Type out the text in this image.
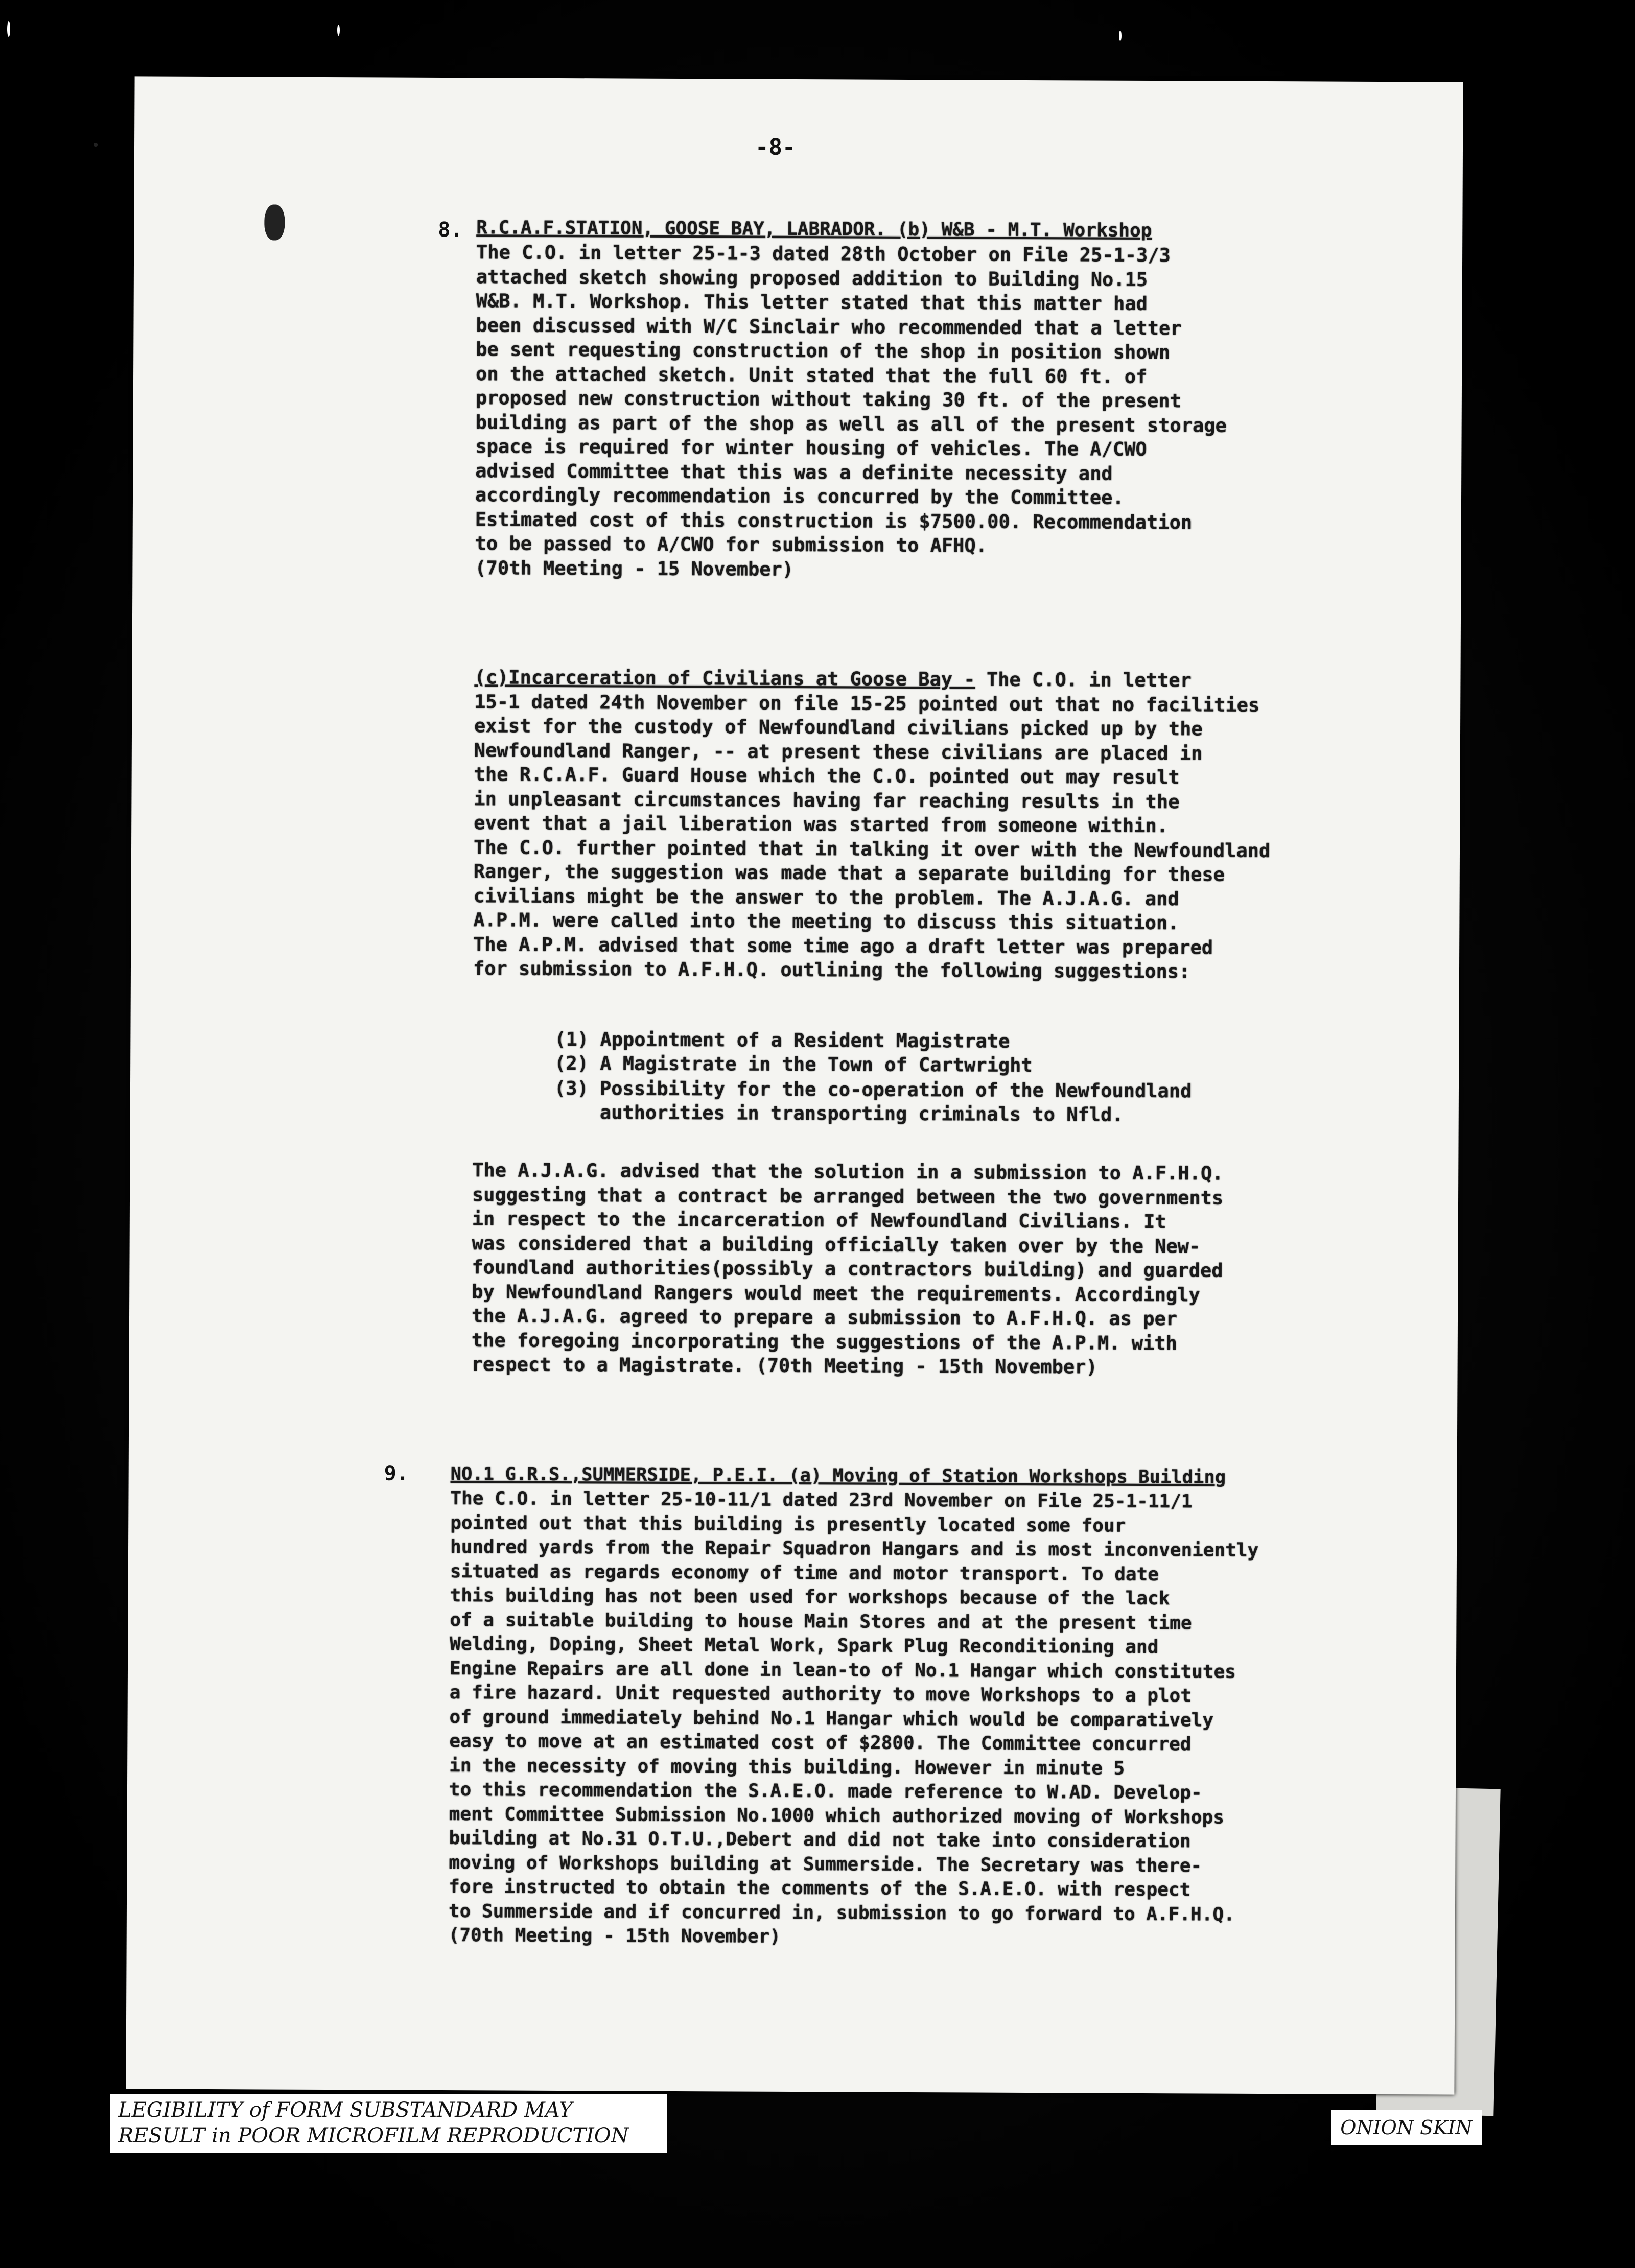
-8-
8. R.C.A.F.STATION, GOOSE BAY, LABRADOR. (b) W&B - M.T. Workshop
The C.O. in letter 25-1-3 dated 28th October on File 25-1-3/3
attached sketch showing proposed addition to Building No.15
W&B. M.T. Workshop. This letter stated that this matter had
been discussed with W/C Sinclair who recommended that a letter
be sent requesting construction of the shop in position shown
on the attached sketch. Unit stated that the full 60 ft. of
proposed new construction without taking 30 ft. of the present
building as part of the shop as well as all of the present storage
space is required for winter housing of vehicles. The A/CWO
advised Committee that this was a definite necessity and
accordingly recommendation is concurred by the Committee.
Estimated cost of this construction is $7500.00. Recommendation
to be passed to A/CWO for submission to AFHQ.
(70th Meeting - 15 November)
(c)Incarceration of Civilians at Goose Bay - The C.O. in letter
15-1 dated 24th November on file 15-25 pointed out that no facilities
exist for the custody of Newfoundland civilians picked up by the
Newfoundland Ranger, -- at present these civilians are placed in
the R.C.A.F. Guard House which the C.O. pointed out may result
in unpleasant circumstances having far reaching results in the
event that a jail liberation was started from someone within.
The C.O. further pointed that in talking it over with the Newfoundland
Ranger, the suggestion was made that a separate building for these
civilians might be the answer to the problem. The A.J.A.G. and
A.P.M. were called into the meeting to discuss this situation.
The A.P.M. advised that some time ago a draft letter was prepared
for submission to A.F.H.Q. outlining the following suggestions:
(1) Appointment of a Resident Magistrate
(2) A Magistrate in the Town of Cartwright
(3) Possibility for the co-operation of the Newfoundland
authorities in transporting criminals to Nfld.
The A.J.A.G. advised that the solution in a submission to A.F.H.Q.
suggesting that a contract be arranged between the two governments
in respect to the incarceration of Newfoundland Civilians. It
was considered that a building officially taken over by the New-
foundland authorities(possibly a contractors building) and guarded
by Newfoundland Rangers would meet the requirements. Accordingly
the A.J.A.G. agreed to prepare a submission to A.F.H.Q. as per
the foregoing incorporating the suggestions of the A.P.M. with
respect to a Magistrate. (70th Meeting - 15th November)
9. NO.1 G.R.S.,SUMMERSIDE, P.E.I. (a) Moving of Station Workshops Building
The C.O. in letter 25-10-11/1 dated 23rd November on File 25-1-11/1
pointed out that this building is presently located some four
hundred yards from the Repair Squadron Hangars and is most inconveniently
situated as regards economy of time and motor transport. To date
this building has not been used for workshops because of the lack
of a suitable building to house Main Stores and at the present time
Welding, Doping, Sheet Metal Work, Spark Plug Reconditioning and
Engine Repairs are all done in lean-to of No.1 Hangar which constitutes
a fire hazard. Unit requested authority to move Workshops to a plot
of ground immediately behind No.1 Hangar which would be comparatively
easy to move at an estimated cost of $2800. The Committee concurred
in the necessity of moving this building. However in minute 5
to this recommendation the S.A.E.O. made reference to W.AD. Develop-
ment Committee Submission No.1000 which authorized moving of Workshops
building at No.31 O.T.U.,Debert and did not take into consideration
moving of Workshops building at Summerside. The Secretary was there-
fore instructed to obtain the comments of the S.A.E.O. with respect
to Summerside and if concurred in, submission to go forward to A.F.H.Q.
(70th Meeting - 15th November)
LEGIBILITY of FORM SUBSTANDARD MAY
RESULT in POOR MICROFILM REPRODUCTION	ONION SKIN
